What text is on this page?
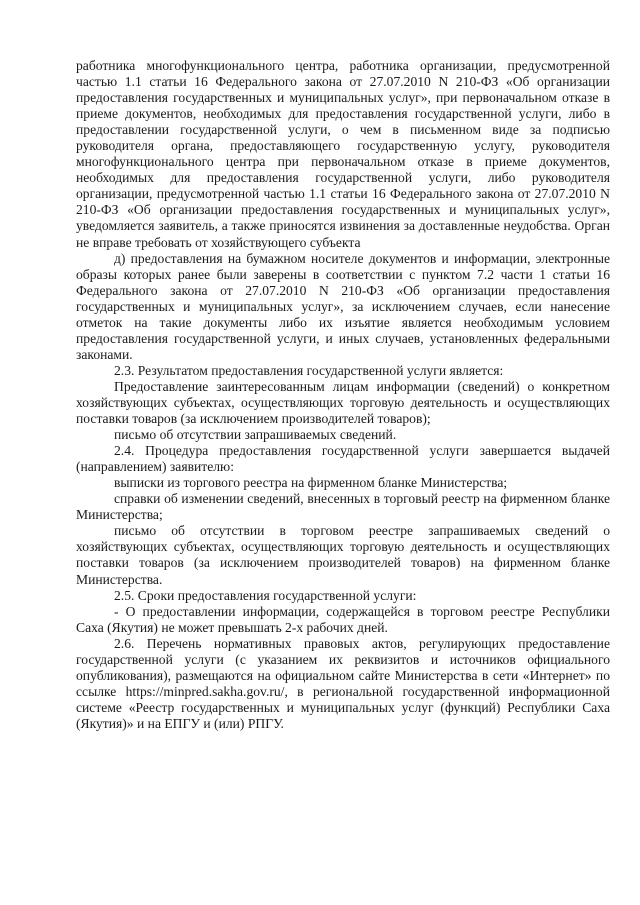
работника многофункционального центра, работника организации, предусмотренной частью 1.1 статьи 16 Федерального закона от 27.07.2010 N 210-ФЗ «Об организации предоставления государственных и муниципальных услуг», при первоначальном отказе в приеме документов, необходимых для предоставления государственной услуги, либо в предоставлении государственной услуги, о чем в письменном виде за подписью руководителя органа, предоставляющего государственную услугу, руководителя многофункционального центра при первоначальном отказе в приеме документов, необходимых для предоставления государственной услуги, либо руководителя организации, предусмотренной частью 1.1 статьи 16 Федерального закона от 27.07.2010 N 210-ФЗ «Об организации предоставления государственных и муниципальных услуг», уведомляется заявитель, а также приносятся извинения за доставленные неудобства. Орган не вправе требовать от хозяйствующего субъекта

д) предоставления на бумажном носителе документов и информации, электронные образы которых ранее были заверены в соответствии с пунктом 7.2 части 1 статьи 16 Федерального закона от 27.07.2010 N 210-ФЗ «Об организации предоставления государственных и муниципальных услуг», за исключением случаев, если нанесение отметок на такие документы либо их изъятие является необходимым условием предоставления государственной услуги, и иных случаев, установленных федеральными законами.

2.3. Результатом предоставления государственной услуги является:

Предоставление заинтересованным лицам информации (сведений) о конкретном хозяйствующих субъектах, осуществляющих торговую деятельность и осуществляющих поставки товаров (за исключением производителей товаров);

письмо об отсутствии запрашиваемых сведений.

2.4. Процедура предоставления государственной услуги завершается выдачей (направлением) заявителю:

выписки из торгового реестра на фирменном бланке Министерства;

справки об изменении сведений, внесенных в торговый реестр на фирменном бланке Министерства;

письмо об отсутствии в торговом реестре запрашиваемых сведений о хозяйствующих субъектах, осуществляющих торговую деятельность и осуществляющих поставки товаров (за исключением производителей товаров) на фирменном бланке Министерства.

2.5. Сроки предоставления государственной услуги:

- О предоставлении информации, содержащейся в торговом реестре Республики Саха (Якутия) не может превышать 2-х рабочих дней.

2.6. Перечень нормативных правовых актов, регулирующих предоставление государственной услуги (с указанием их реквизитов и источников официального опубликования), размещаются на официальном сайте Министерства в сети «Интернет» по ссылке https://minpred.sakha.gov.ru/, в региональной государственной информационной системе «Реестр государственных и муниципальных услуг (функций) Республики Саха (Якутия)» и на ЕПГУ и (или) РПГУ.
